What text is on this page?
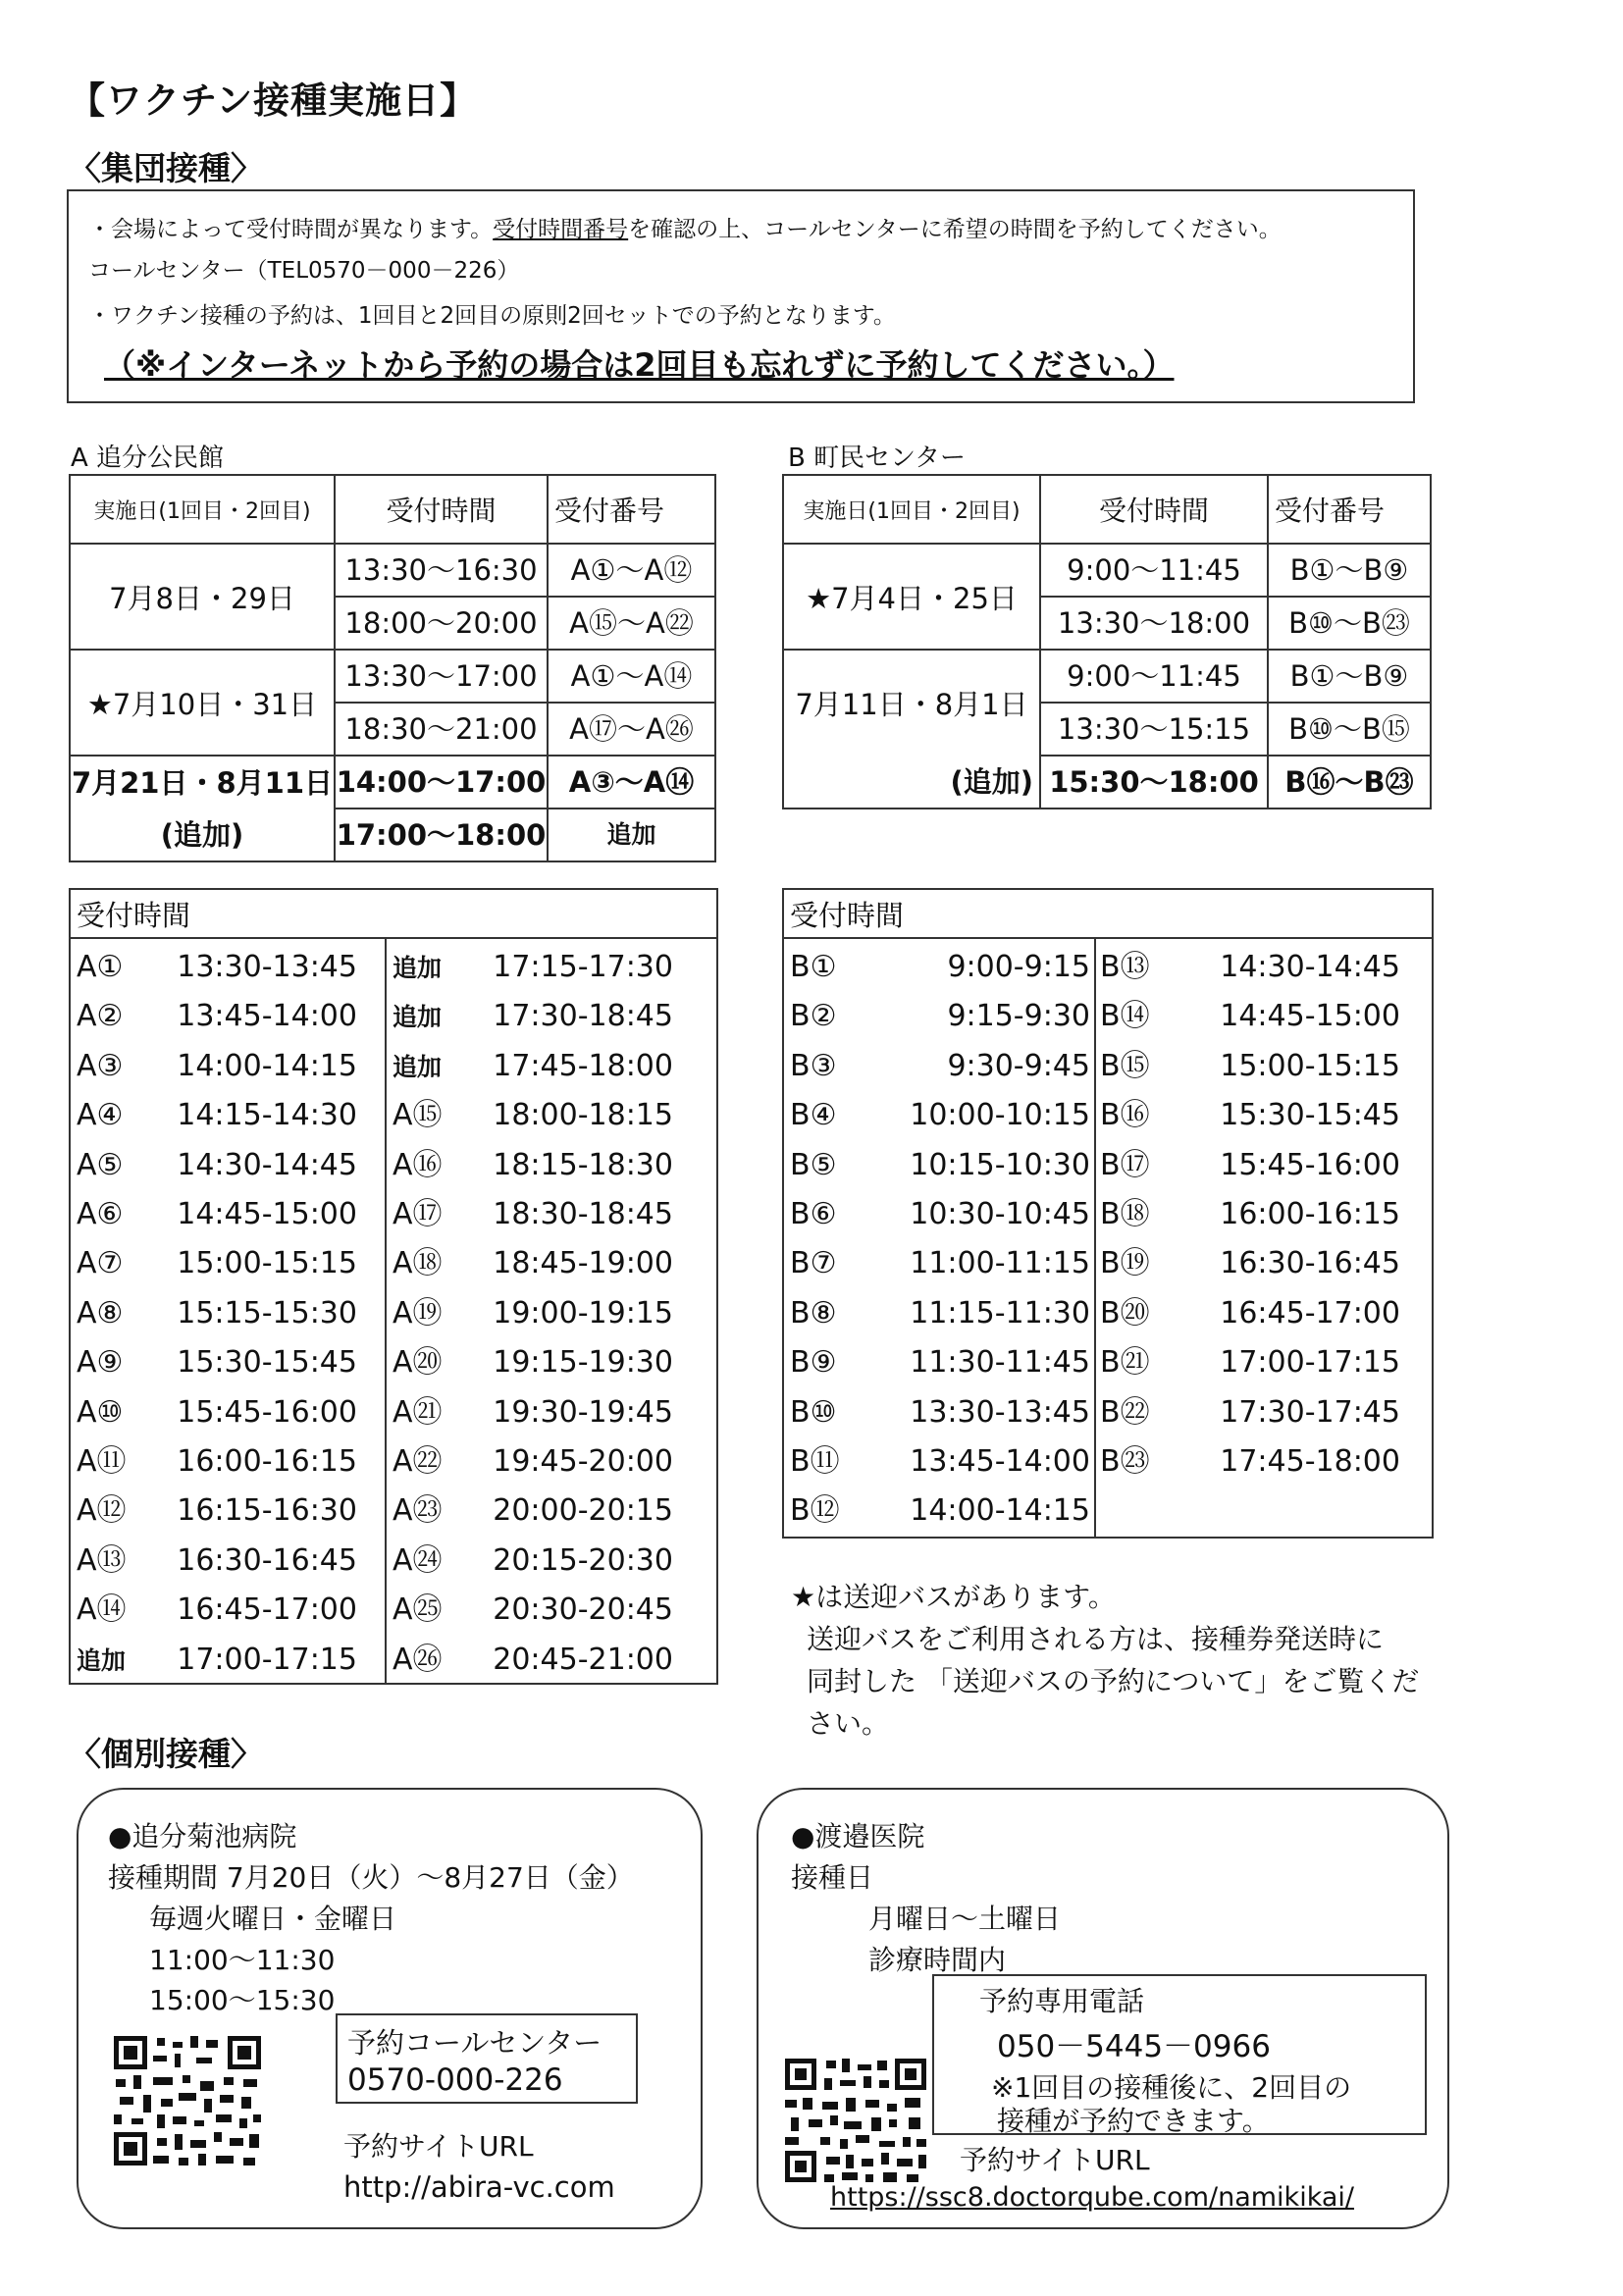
【ワクチン接種実施日】
〈集団接種〉
・会場によって受付時間が異なります。受付時間番号を確認の上、コールセンターに希望の時間を予約してください。
コールセンター（TEL0570－000－226）
・ワクチン接種の予約は、1回目と2回目の原則2回セットでの予約となります。
（※インターネットから予約の場合は2回目も忘れずに予約してください。）
A 追分公民館
実施日(1回目・2回目)	受付時間	受付番号
7月8日・29日	13:30～16:30	A①～A⑫
	18:00～20:00	A⑮～A㉒
★7月10日・31日	13:30～17:00	A①～A⑭
	18:30～21:00	A⑰～A㉖
7月21日・8月11日	14:00～17:00	A③～A⑭
(追加)	17:00～18:00	追加
B 町民センター
実施日(1回目・2回目)	受付時間	受付番号
★7月4日・25日	9:00～11:45	B①～B⑨
	13:30～18:00	B⑩～B㉓
7月11日・8月1日	9:00～11:45	B①～B⑨
	13:30～15:15	B⑩～B⑮
(追加)	15:30～18:00	B⑯～B㉓
受付時間
A① 13:30-13:45
A② 13:45-14:00
A③ 14:00-14:15
A④ 14:15-14:30
A⑤ 14:30-14:45
A⑥ 14:45-15:00
A⑦ 15:00-15:15
A⑧ 15:15-15:30
A⑨ 15:30-15:45
A⑩ 15:45-16:00
A⑪ 16:00-16:15
A⑫ 16:15-16:30
A⑬ 16:30-16:45
A⑭ 16:45-17:00
追加 17:00-17:15
追加 17:15-17:30
追加 17:30-18:45
追加 17:45-18:00
A⑮ 18:00-18:15
A⑯ 18:15-18:30
A⑰ 18:30-18:45
A⑱ 18:45-19:00
A⑲ 19:00-19:15
A⑳ 19:15-19:30
A㉑ 19:30-19:45
A㉒ 19:45-20:00
A㉓ 20:00-20:15
A㉔ 20:15-20:30
A㉕ 20:30-20:45
A㉖ 20:45-21:00
受付時間
B①	9:00-9:15
B②	9:15-9:30
B③	9:30-9:45
B④ 10:00-10:15
B⑤ 10:15-10:30
B⑥ 10:30-10:45
B⑦ 11:00-11:15
B⑧ 11:15-11:30
B⑨ 11:30-11:45
B⑩ 13:30-13:45
B⑪ 13:45-14:00
B⑫ 14:00-14:15
B⑬ 14:30-14:45
B⑭ 14:45-15:00
B⑮ 15:00-15:15
B⑯ 15:30-15:45
B⑰ 15:45-16:00
B⑱ 16:00-16:15
B⑲ 16:30-16:45
B⑳ 16:45-17:00
B㉑ 17:00-17:15
B㉒ 17:30-17:45
B㉓ 17:45-18:00
★は送迎バスがあります。
送迎バスをご利用される方は、接種券発送時に
同封した 「送迎バスの予約について」をご覧くだ
さい。
〈個別接種〉
●追分菊池病院
接種期間 7月20日（火）～8月27日（金）
毎週火曜日・金曜日
11:00～11:30
15:00～15:30
予約コールセンター
0570-000-226
予約サイトURL
http://abira-vc.com
●渡邉医院
接種日
月曜日～土曜日
診療時間内
予約専用電話
050－5445－0966
※1回目の接種後に、2回目の
接種が予約できます。
予約サイトURL
https://ssc8.doctorqube.com/namikikai/
